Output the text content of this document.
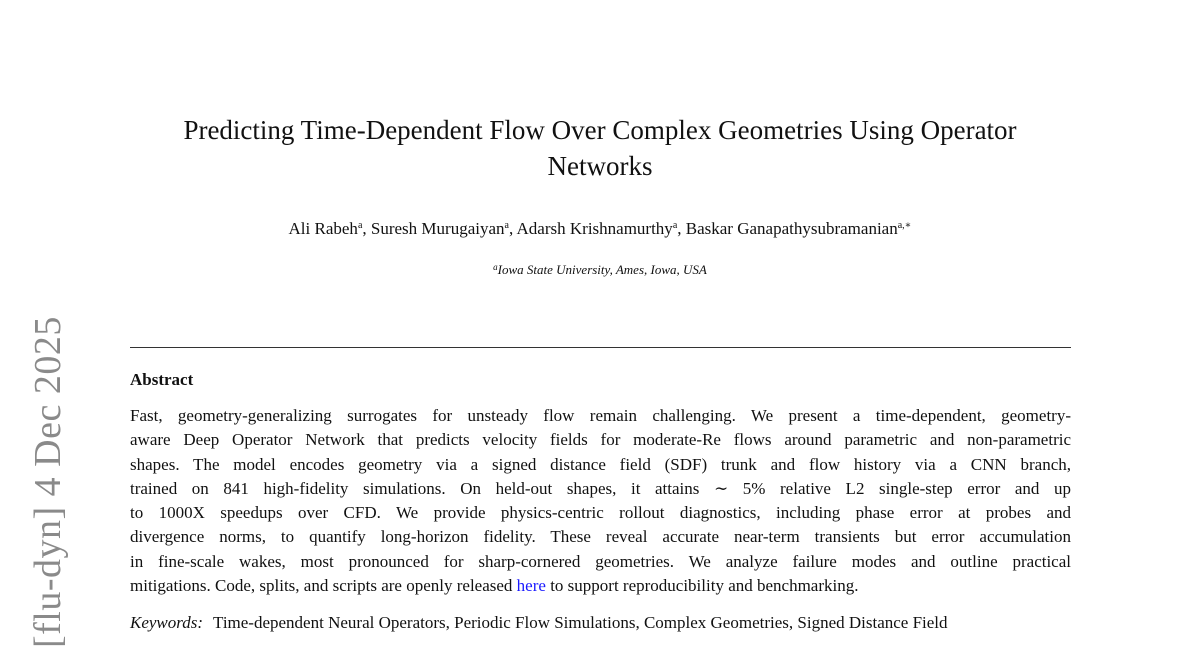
[flu-dyn] 4 Dec 2025
Predicting Time-Dependent Flow Over Complex Geometries Using Operator
Networks
Ali Rabeh$^a$, Suresh Murugaiyan$^a$, Adarsh Krishnamurthy$^a$, Baskar Ganapathysubramanian$^{a,∗}$
$^a$Iowa State University, Ames, Iowa, USA
Abstract
Fast, geometry-generalizing surrogates for unsteady flow remain challenging. We present a time-dependent, geometry-
aware Deep Operator Network that predicts velocity fields for moderate-Re flows around parametric and non-parametric
shapes. The model encodes geometry via a signed distance field (SDF) trunk and flow history via a CNN branch,
trained on 841 high-fidelity simulations. On held-out shapes, it attains ∼ 5% relative L2 single-step error and up
to 1000X speedups over CFD. We provide physics-centric rollout diagnostics, including phase error at probes and
divergence norms, to quantify long-horizon fidelity. These reveal accurate near-term transients but error accumulation
in fine-scale wakes, most pronounced for sharp-cornered geometries. We analyze failure modes and outline practical
mitigations. Code, splits, and scripts are openly released here to support reproducibility and benchmarking.
Keywords: Time-dependent Neural Operators, Periodic Flow Simulations, Complex Geometries, Signed Distance Field
